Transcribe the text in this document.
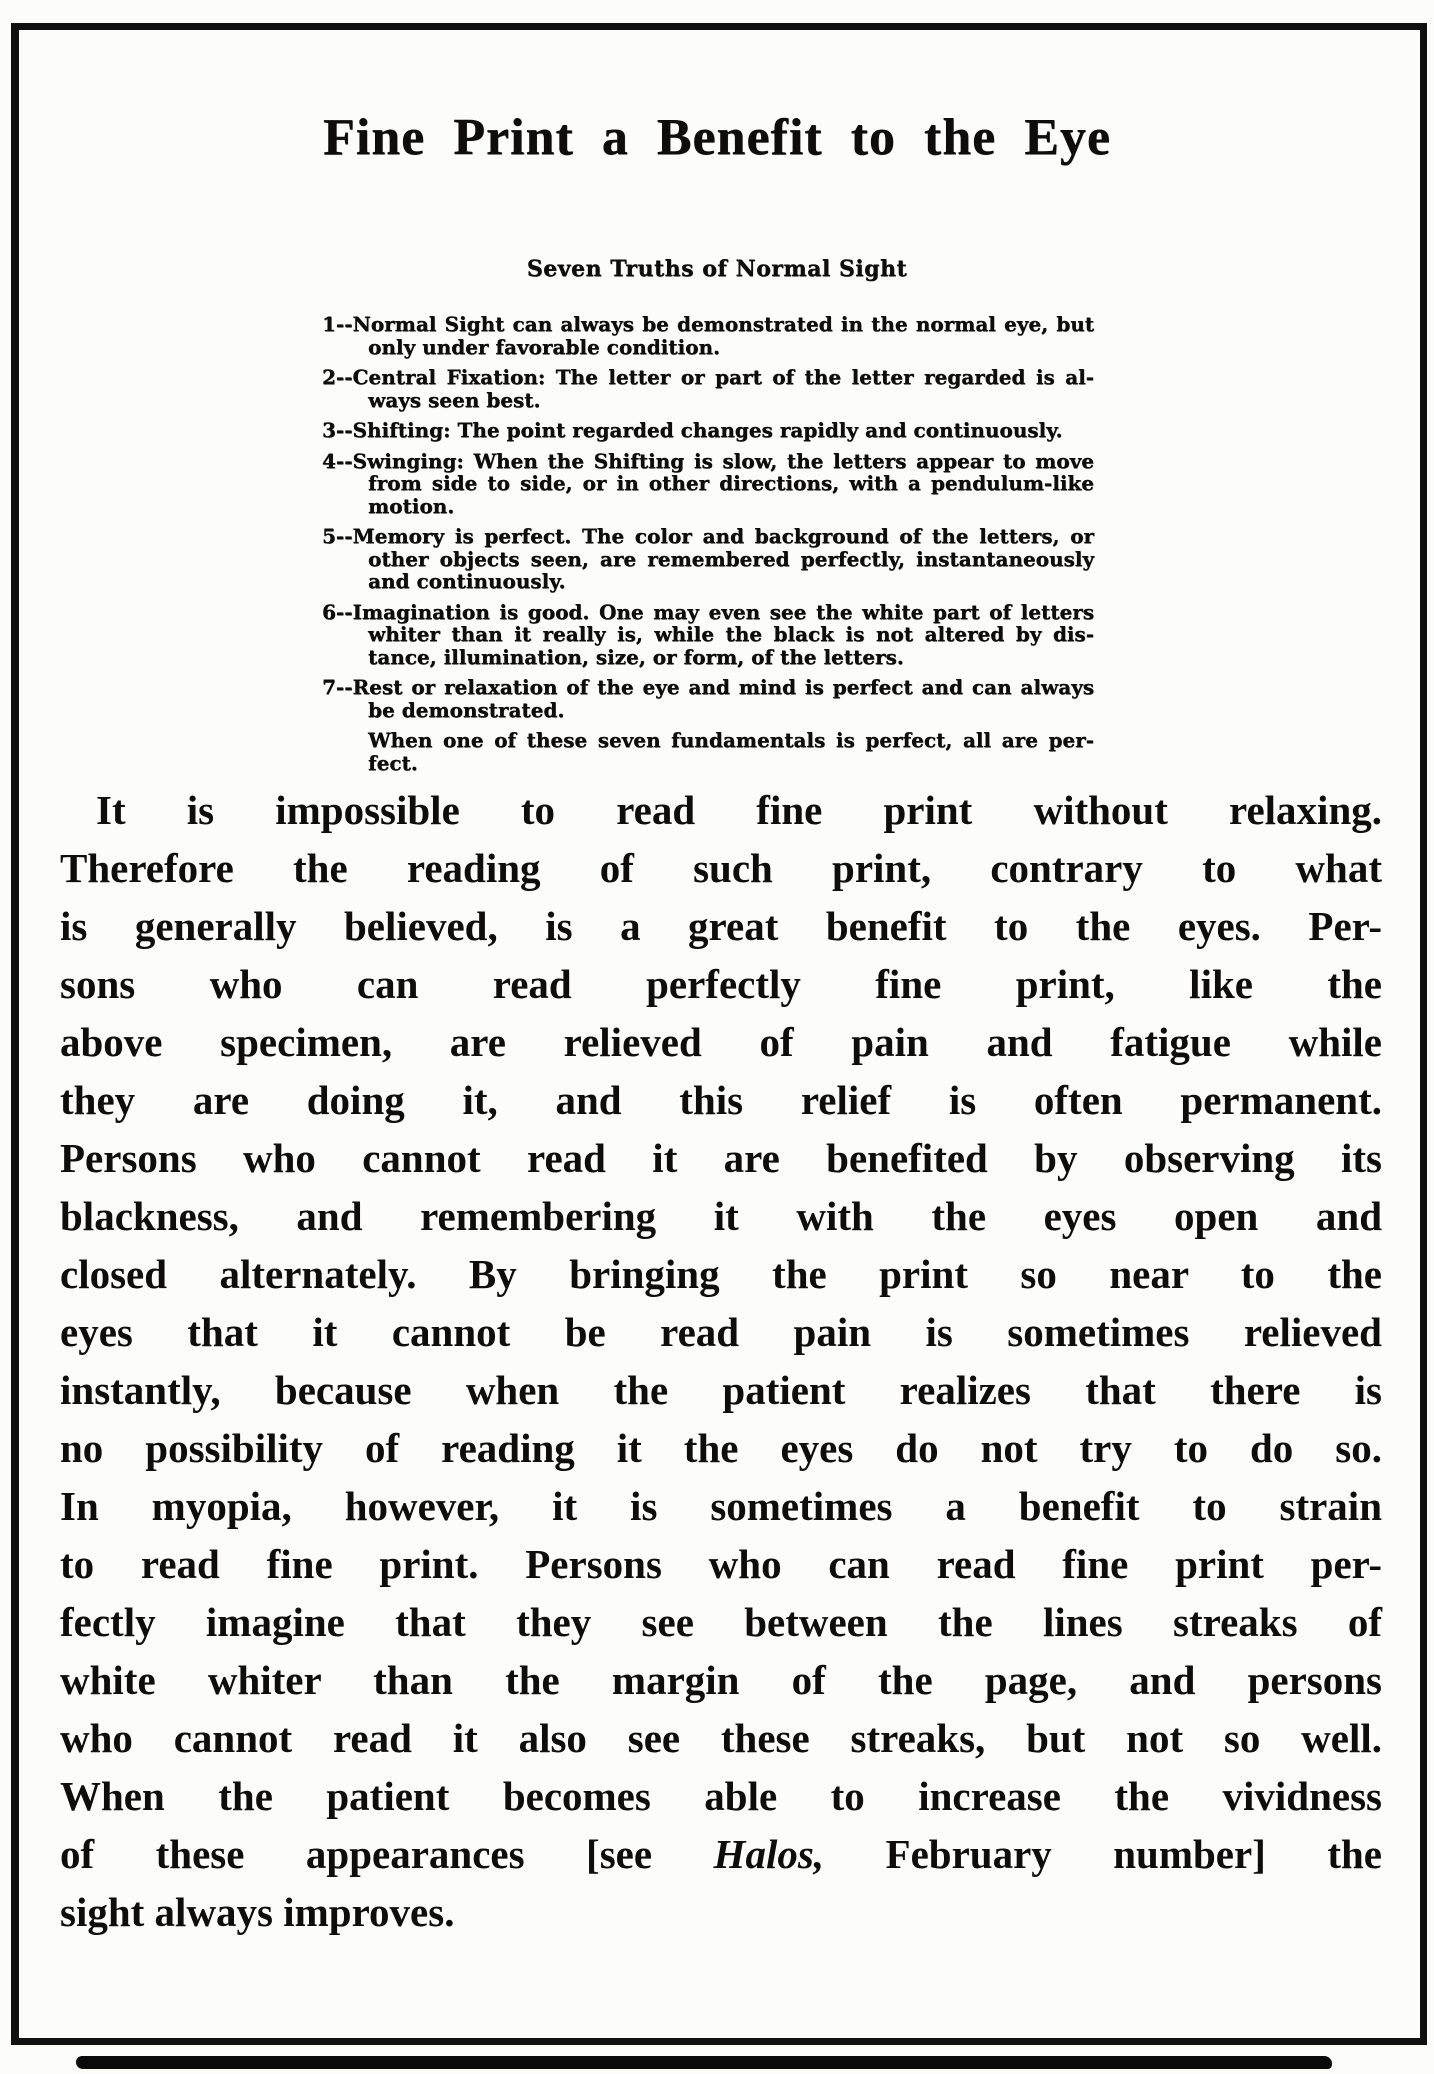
Fine Print a Benefit to the Eye
Seven Truths of Normal Sight
1--Normal Sight can always be demonstrated in the normal eye, but
only under favorable condition.
2--Central Fixation: The letter or part of the letter regarded is al-
ways seen best.
3--Shifting: The point regarded changes rapidly and continuously.
4--Swinging: When the Shifting is slow, the letters appear to move
from side to side, or in other directions, with a pendulum-like
motion.
5--Memory is perfect. The color and background of the letters, or
other objects seen, are remembered perfectly, instantaneously
and continuously.
6--Imagination is good. One may even see the white part of letters
whiter than it really is, while the black is not altered by dis-
tance, illumination, size, or form, of the letters.
7--Rest or relaxation of the eye and mind is perfect and can always
be demonstrated.
When one of these seven fundamentals is perfect, all are per-
fect.
It is impossible to read fine print without relaxing.
Therefore the reading of such print, contrary to what
is generally believed, is a great benefit to the eyes. Per-
sons who can read perfectly fine print, like the
above specimen, are relieved of pain and fatigue while
they are doing it, and this relief is often permanent.
Persons who cannot read it are benefited by observing its
blackness, and remembering it with the eyes open and
closed alternately. By bringing the print so near to the
eyes that it cannot be read pain is sometimes relieved
instantly, because when the patient realizes that there is
no possibility of reading it the eyes do not try to do so.
In myopia, however, it is sometimes a benefit to strain
to read fine print. Persons who can read fine print per-
fectly imagine that they see between the lines streaks of
white whiter than the margin of the page, and persons
who cannot read it also see these streaks, but not so well.
When the patient becomes able to increase the vividness
of these appearances [see Halos, February number] the
sight always improves.
